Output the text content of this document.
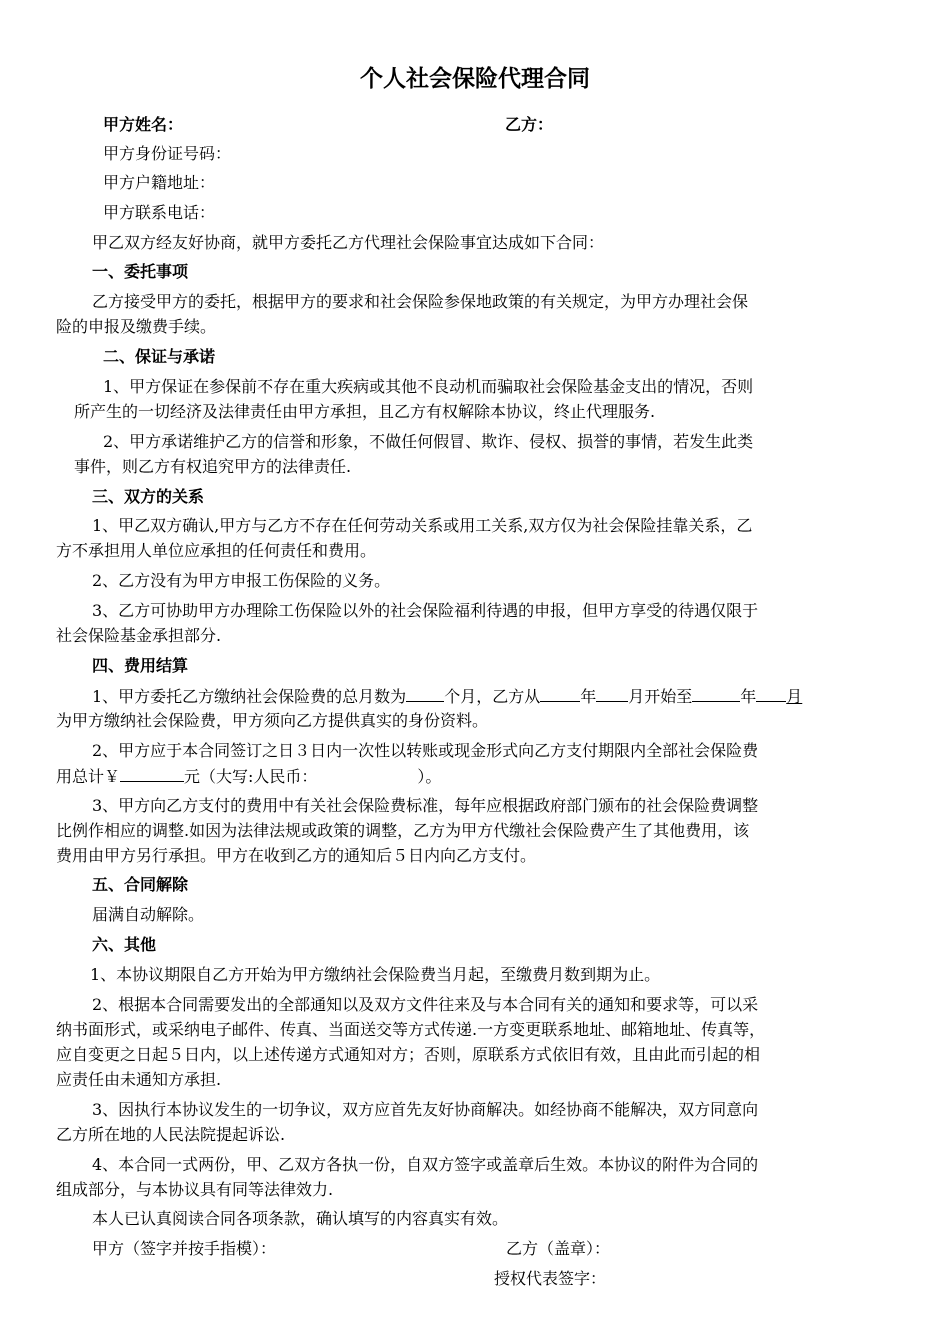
个人社会保险代理合同
甲方姓名：	乙方：
甲方身份证号码：
甲方户籍地址：
甲方联系电话：
甲乙双方经友好协商，就甲方委托乙方代理社会保险事宜达成如下合同：
一、委托事项
乙方接受甲方的委托，根据甲方的要求和社会保险参保地政策的有关规定，为甲方办理社会保
险的申报及缴费手续。
二、保证与承诺
1、甲方保证在参保前不存在重大疾病或其他不良动机而骗取社会保险基金支出的情况，否则
所产生的一切经济及法律责任由甲方承担，且乙方有权解除本协议，终止代理服务.
2、甲方承诺维护乙方的信誉和形象，不做任何假冒、欺诈、侵权、损誉的事情，若发生此类
事件，则乙方有权追究甲方的法律责任.
三、双方的关系
1、甲乙双方确认,甲方与乙方不存在任何劳动关系或用工关系,双方仅为社会保险挂靠关系，乙
方不承担用人单位应承担的任何责任和费用。
2、乙方没有为甲方申报工伤保险的义务。
3、乙方可协助甲方办理除工伤保险以外的社会保险福利待遇的申报，但甲方享受的待遇仅限于
社会保险基金承担部分.
四、费用结算
1、甲方委托乙方缴纳社会保险费的总月数为 个月，乙方从	年 月开始至	年 月
为甲方缴纳社会保险费，甲方须向乙方提供真实的身份资料。
2、甲方应于本合同签订之日３日内一次性以转账或现金形式向乙方支付期限内全部社会保险费
用总计￥	元（大写:人民币：	）。
3、甲方向乙方支付的费用中有关社会保险费标准，每年应根据政府部门颁布的社会保险费调整
比例作相应的调整.如因为法律法规或政策的调整，乙方为甲方代缴社会保险费产生了其他费用，该
费用由甲方另行承担。甲方在收到乙方的通知后５日内向乙方支付。
五、合同解除
届满自动解除。
六、其他
1、本协议期限自乙方开始为甲方缴纳社会保险费当月起，至缴费月数到期为止。
2、根据本合同需要发出的全部通知以及双方文件往来及与本合同有关的通知和要求等，可以采
纳书面形式，或采纳电子邮件、传真、当面送交等方式传递.一方变更联系地址、邮箱地址、传真等，
应自变更之日起５日内，以上述传递方式通知对方；否则，原联系方式依旧有效，且由此而引起的相
应责任由未通知方承担.
3、因执行本协议发生的一切争议，双方应首先友好协商解决。如经协商不能解决，双方同意向
乙方所在地的人民法院提起诉讼.
4、本合同一式两份，甲、乙双方各执一份，自双方签字或盖章后生效。本协议的附件为合同的
组成部分，与本协议具有同等法律效力.
本人已认真阅读合同各项条款，确认填写的内容真实有效。
甲方（签字并按手指模）：	乙方（盖章）：
授权代表签字：
